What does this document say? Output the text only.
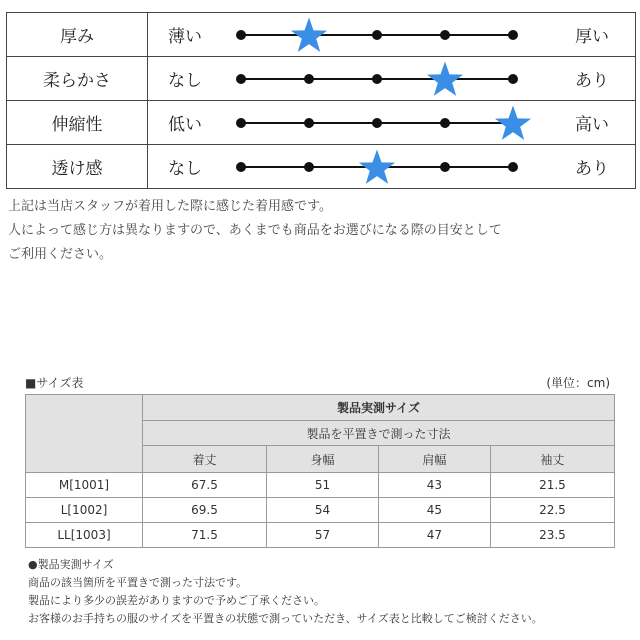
厚み	薄い		厚い
柔らかさ	なし		あり
伸縮性	低い		高い
透け感	なし		あり
上記は当店スタッフが着用した際に感じた着用感です。
人によって感じ方は異なりますので、あくまでも商品をお選びになる際の目安として
ご利用ください。
■サイズ表	(単位：cm)
	製品実測サイズ			
	製品を平置きで測った寸法			
	着丈	身幅	肩幅	袖丈
M[1001]	67.5	51	43	21.5
L[1002]	69.5	54	45	22.5
LL[1003]	71.5	57	47	23.5
●製品実測サイズ
商品の該当箇所を平置きで測った寸法です。
製品により多少の誤差がありますので予めご了承ください。
お客様のお手持ちの服のサイズを平置きの状態で測っていただき、サイズ表と比較してご検討ください。
